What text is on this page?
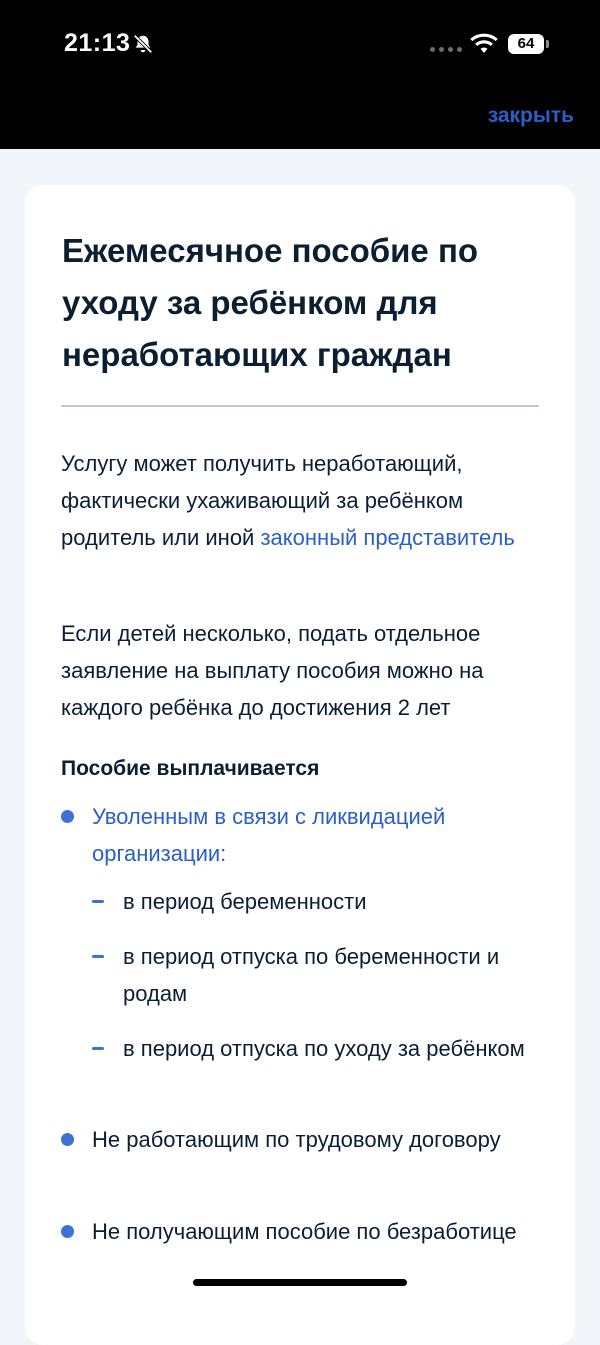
21:13	64
закрыть
Ежемесячное пособие по уходу за ребёнком для неработающих граждан

Услугу может получить неработающий, фактически ухаживающий за ребёнком родитель или иной законный представитель

Если детей несколько, подать отдельное заявление на выплату пособия можно на каждого ребёнка до достижения 2 лет

Пособие выплачивается
Уволенным в связи с ликвидацией организации:
в период беременности
в период отпуска по беременности и родам
в период отпуска по уходу за ребёнком
Не работающим по трудовому договору
Не получающим пособие по безработице
